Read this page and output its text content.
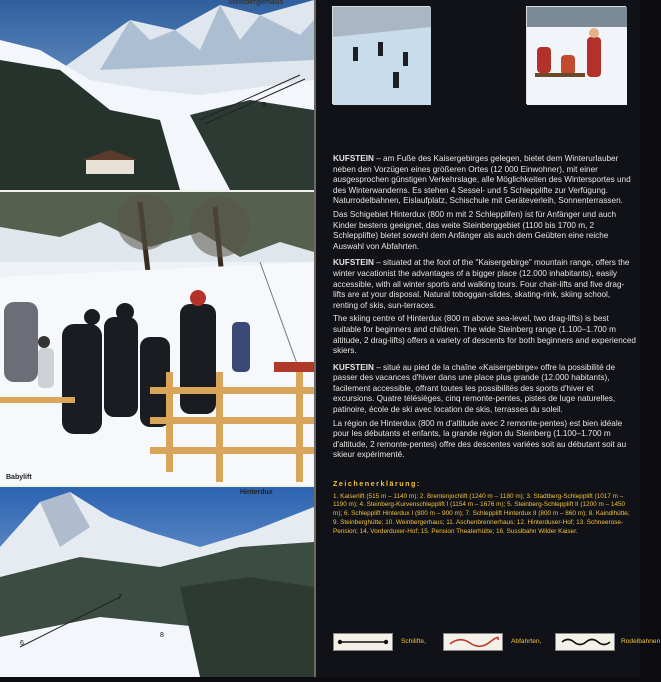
5
Steinbergerhaus
Babylift
6
7
8
Hinterdux

KUFSTEIN – am Fuße des Kaisergebirges gelegen, bietet dem Winterurlauber neben den Vorzügen eines größeren Ortes (12 000 Einwohner), mit einer ausgesprochen günstigen Verkehrslage, alle Möglichkeiten des Wintersportes und des Winterwanderns. Es stehen 4 Sessel- und 5 Schlepplifte zur Verfügung. Naturrodelbahnen, Eislaufplatz, Schischule mit Geräteverleih, Sonnenterrassen.

Das Schigebiet Hinterdux (800 m mit 2 Schlepplifen) ist für Anfänger und auch Kinder bestens geeignet, das weite Steinberggebiet (1100 bis 1700 m, 2 Schlepplifte) bietet sowohl dem Anfänger als auch dem Geübten eine reiche Auswahl von Abfahrten.

KUFSTEIN – situated at the foot of the "Kaisergebirge" mountain range, offers the winter vacationist the advantages of a bigger place (12.000 inhabitants), easily accessible, with all winter sports and walking tours. Four chair-lifts and five drag-lifts are at your disposal. Natural toboggan-slides, skating-rink, skiing school, renting of skis, sun-terraces.

The skiing centre of Hinterdux (800 m above sea-level, two drag-lifts) is best suitable for beginners and children. The wide Steinberg range (1.100–1.700 m altitude, 2 drag-lifts) offers a variety of descents for both beginners and experienced skiers.

KUFSTEIN – situé au pied de la chaîne «Kaisergebirge» offre la possibilité de passer des vacances d'hiver dans une place plus grande (12.000 habitants), facilement accessible, offrant toutes les possibilités des sports d'hiver et excursions. Quatre télésièges, cinq remonte-pentes, pistes de luge naturelles, patinoire, école de ski avec location de skis, terrasses du soleil.

La région de Hinterdux (800 m d'altitude avec 2 remonte-pentes) est bien idéale pour les débutants et enfants, la grande région du Steinberg (1.100–1.700 m d'altitude, 2 remonte-pentes) offre des descentes variées soit au débutant soit au skieur expérimenté.

Zeichenerklärung:
1. Kaiserlift (515 m – 1140 m); 2. Brentenjochlift (1240 m – 1180 m); 3. Stadtberg-Schlepplift (1017 m – 1190 m); 4. Steinberg-Kurvenschlepplift I (1154 m – 1676 m); 5. Steinberg-Schlepplift II (1200 m – 1450 m); 6. Schlepplift Hinterdux I (800 m – 900 m); 7. Schlepplift Hinterdux II (800 m – 860 m); 8. Kaindlhütte; 9. Steinberghütte; 10. Weinbergerhaus; 11. Aschenbrennerhaus; 12. Hinterduxer-Hof; 13. Schneerose-Pension; 14. Vorderduxer-Hof; 15. Pension Theaterhütte; 16. Susslbahn Wilder Kaiser.
Schilifte,	Abfahrten,	Rodelbahnen
